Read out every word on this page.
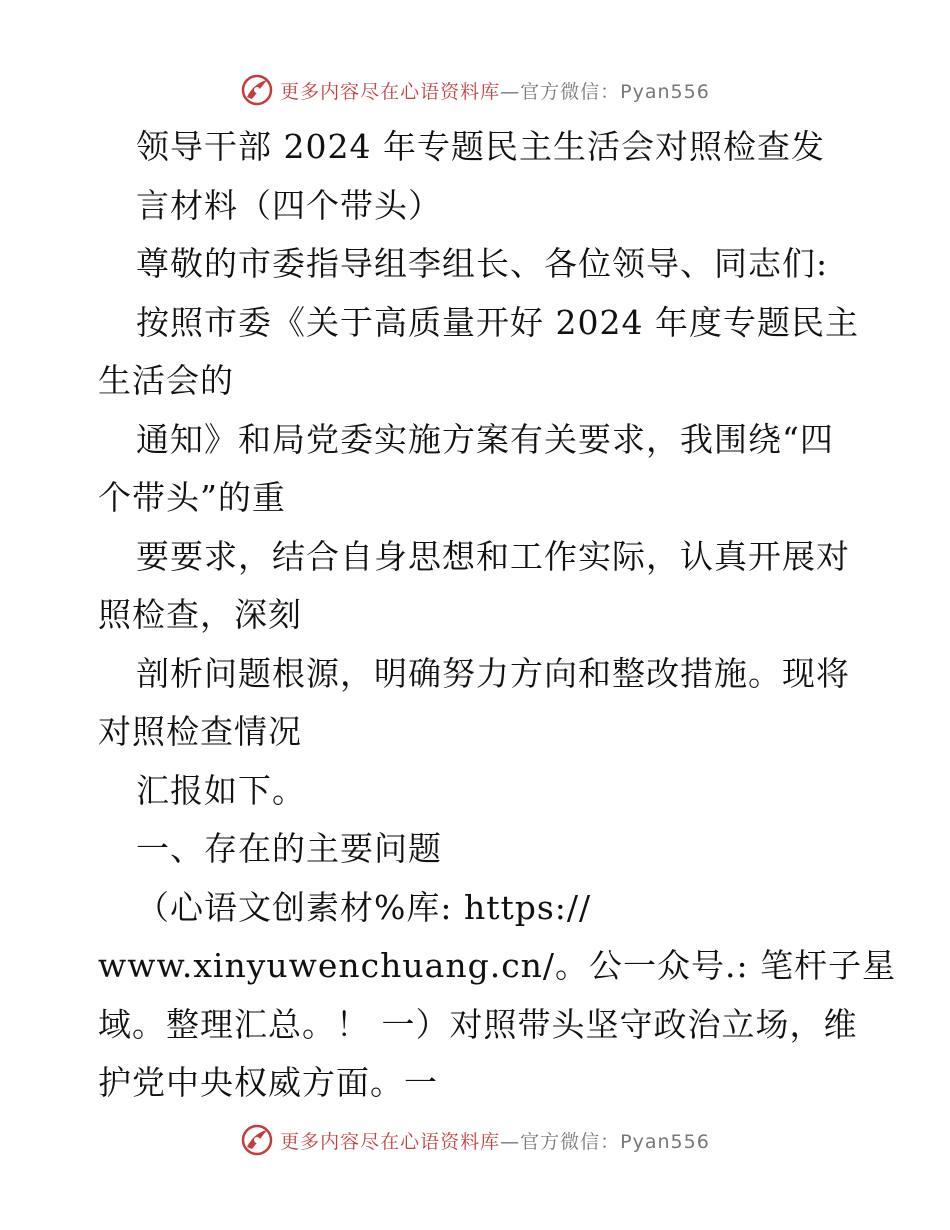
更多内容尽在心语资料库—官方微信：Pyan556
领导干部 2024 年专题民主生活会对照检查发
言材料（四个带头）
尊敬的市委指导组李组长、各位领导、同志们:
按照市委《关于高质量开好 2024 年度专题民主
生活会的
通知》和局党委实施方案有关要求，我围绕“四
个带头”的重
要要求，结合自身思想和工作实际，认真开展对
照检查，深刻
剖析问题根源，明确努力方向和整改措施。现将
对照检查情况
汇报如下。
一、存在的主要问题
（心语文创素材%库: https://
www.xinyuwenchuang.cn/。公一众号.: 笔杆子星
域。整理汇总。！ 一）对照带头坚守政治立场，维
护党中央权威方面。一
更多内容尽在心语资料库—官方微信：Pyan556
